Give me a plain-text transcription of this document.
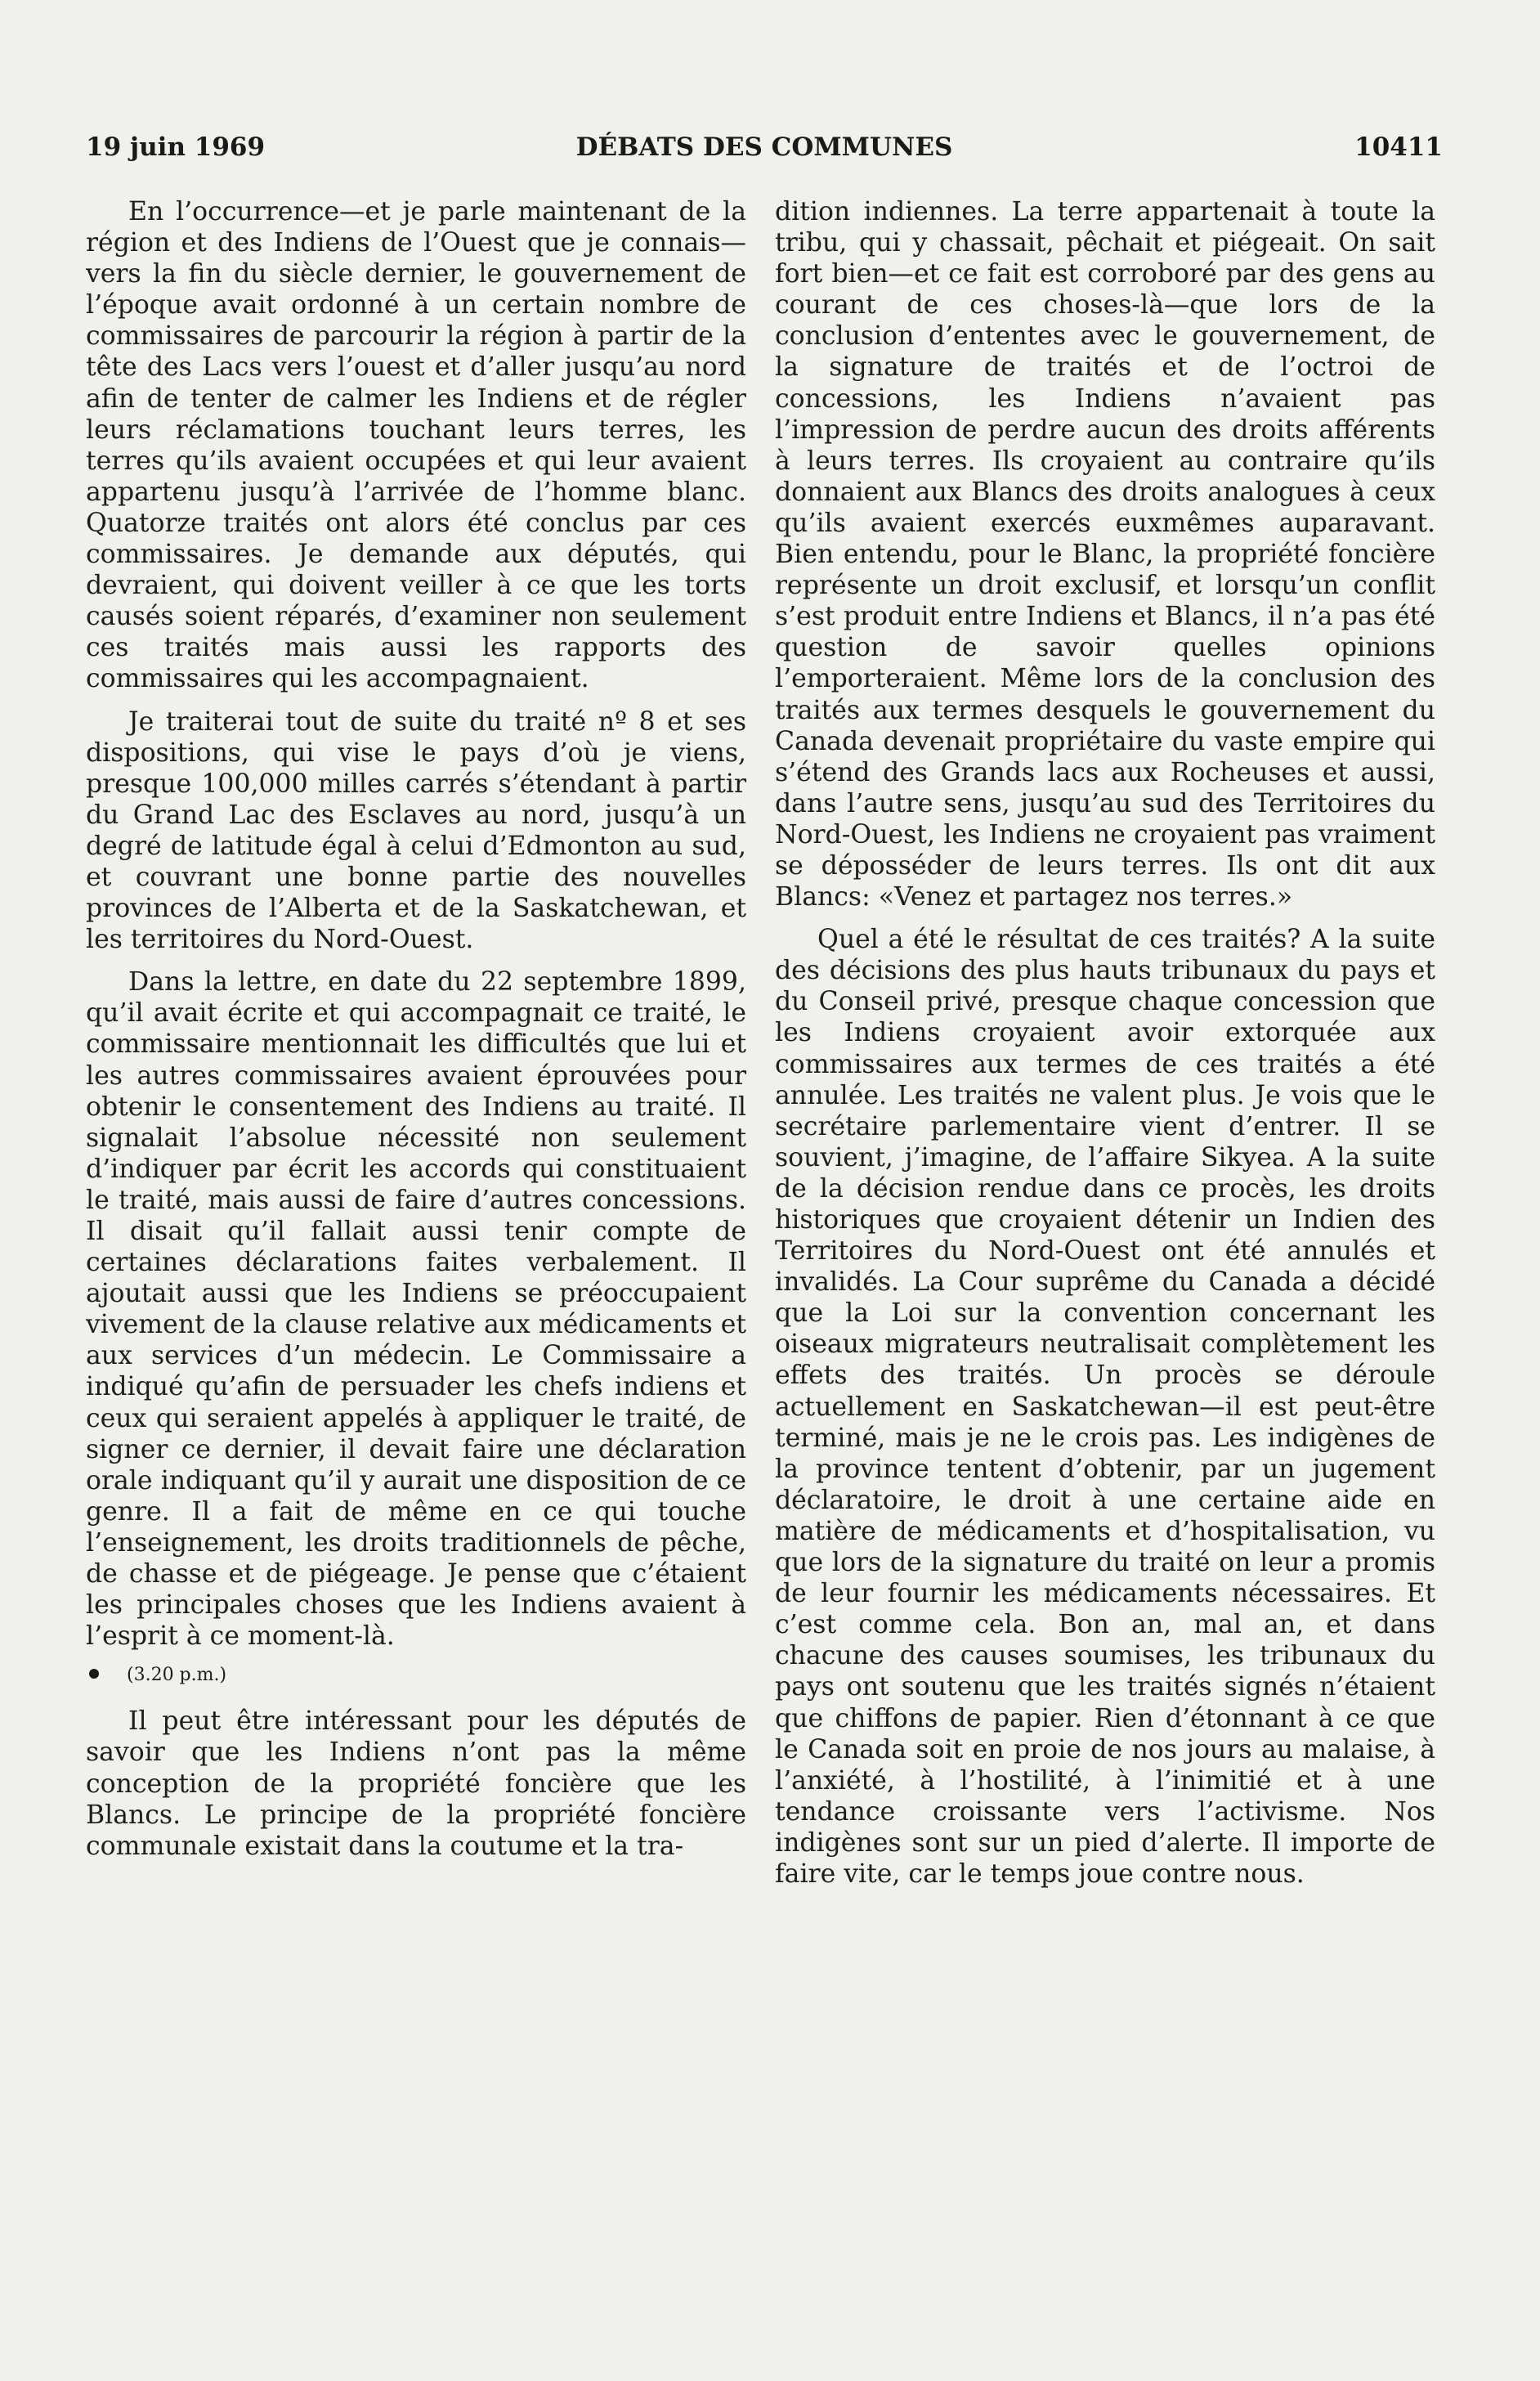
19 juin 1969	DÉBATS DES COMMUNES	10411

En l’occurrence—et je parle maintenant de la région et des Indiens de l’Ouest que je connais—vers la fin du siècle dernier, le gouvernement de l’époque avait ordonné à un certain nombre de commissaires de parcourir la région à partir de la tête des Lacs vers l’ouest et d’aller jusqu’au nord afin de tenter de calmer les Indiens et de régler leurs réclamations touchant leurs terres, les terres qu’ils avaient occupées et qui leur avaient appartenu jusqu’à l’arrivée de l’homme blanc. Quatorze traités ont alors été conclus par ces commissaires. Je demande aux députés, qui devraient, qui doivent veiller à ce que les torts causés soient réparés, d’examiner non seulement ces traités mais aussi les rapports des commissaires qui les accompagnaient.

Je traiterai tout de suite du traité nº 8 et ses dispositions, qui vise le pays d’où je viens, presque 100,000 milles carrés s’étendant à partir du Grand Lac des Esclaves au nord, jusqu’à un degré de latitude égal à celui d’Edmonton au sud, et couvrant une bonne partie des nouvelles provinces de l’Alberta et de la Saskatchewan, et les territoires du Nord-Ouest.

Dans la lettre, en date du 22 septembre 1899, qu’il avait écrite et qui accompagnait ce traité, le commissaire mentionnait les difficultés que lui et les autres commissaires avaient éprouvées pour obtenir le consentement des Indiens au traité. Il signalait l’absolue nécessité non seulement d’indiquer par écrit les accords qui constituaient le traité, mais aussi de faire d’autres concessions. Il disait qu’il fallait aussi tenir compte de certaines déclarations faites verbalement. Il ajoutait aussi que les Indiens se préoccupaient vivement de la clause relative aux médicaments et aux services d’un médecin. Le Commissaire a indiqué qu’afin de persuader les chefs indiens et ceux qui seraient appelés à appliquer le traité, de signer ce dernier, il devait faire une déclaration orale indiquant qu’il y aurait une disposition de ce genre. Il a fait de même en ce qui touche l’enseignement, les droits traditionnels de pêche, de chasse et de piégeage. Je pense que c’étaient les principales choses que les Indiens avaient à l’esprit à ce moment-là.

(3.20 p.m.)

Il peut être intéressant pour les députés de savoir que les Indiens n’ont pas la même conception de la propriété foncière que les Blancs. Le principe de la propriété foncière communale existait dans la coutume et la tra-

dition indiennes. La terre appartenait à toute la tribu, qui y chassait, pêchait et piégeait. On sait fort bien—et ce fait est corroboré par des gens au courant de ces choses-là—que lors de la conclusion d’ententes avec le gouvernement, de la signature de traités et de l’octroi de concessions, les Indiens n’avaient pas l’impression de perdre aucun des droits afférents à leurs terres. Ils croyaient au contraire qu’ils donnaient aux Blancs des droits analogues à ceux qu’ils avaient exercés euxmêmes auparavant. Bien entendu, pour le Blanc, la propriété foncière représente un droit exclusif, et lorsqu’un conflit s’est produit entre Indiens et Blancs, il n’a pas été question de savoir quelles opinions l’emporteraient. Même lors de la conclusion des traités aux termes desquels le gouvernement du Canada devenait propriétaire du vaste empire qui s’étend des Grands lacs aux Rocheuses et aussi, dans l’autre sens, jusqu’au sud des Territoires du Nord-Ouest, les Indiens ne croyaient pas vraiment se déposséder de leurs terres. Ils ont dit aux Blancs: «Venez et partagez nos terres.»

Quel a été le résultat de ces traités? A la suite des décisions des plus hauts tribunaux du pays et du Conseil privé, presque chaque concession que les Indiens croyaient avoir extorquée aux commissaires aux termes de ces traités a été annulée. Les traités ne valent plus. Je vois que le secrétaire parlementaire vient d’entrer. Il se souvient, j’imagine, de l’affaire Sikyea. A la suite de la décision rendue dans ce procès, les droits historiques que croyaient détenir un Indien des Territoires du Nord-Ouest ont été annulés et invalidés. La Cour suprême du Canada a décidé que la Loi sur la convention concernant les oiseaux migrateurs neutralisait complètement les effets des traités. Un procès se déroule actuellement en Saskatchewan—il est peut-être terminé, mais je ne le crois pas. Les indigènes de la province tentent d’obtenir, par un jugement déclaratoire, le droit à une certaine aide en matière de médicaments et d’hospitalisation, vu que lors de la signature du traité on leur a promis de leur fournir les médicaments nécessaires. Et c’est comme cela. Bon an, mal an, et dans chacune des causes soumises, les tribunaux du pays ont soutenu que les traités signés n’étaient que chiffons de papier. Rien d’étonnant à ce que le Canada soit en proie de nos jours au malaise, à l’anxiété, à l’hostilité, à l’inimitié et à une tendance croissante vers l’activisme. Nos indigènes sont sur un pied d’alerte. Il importe de faire vite, car le temps joue contre nous.
